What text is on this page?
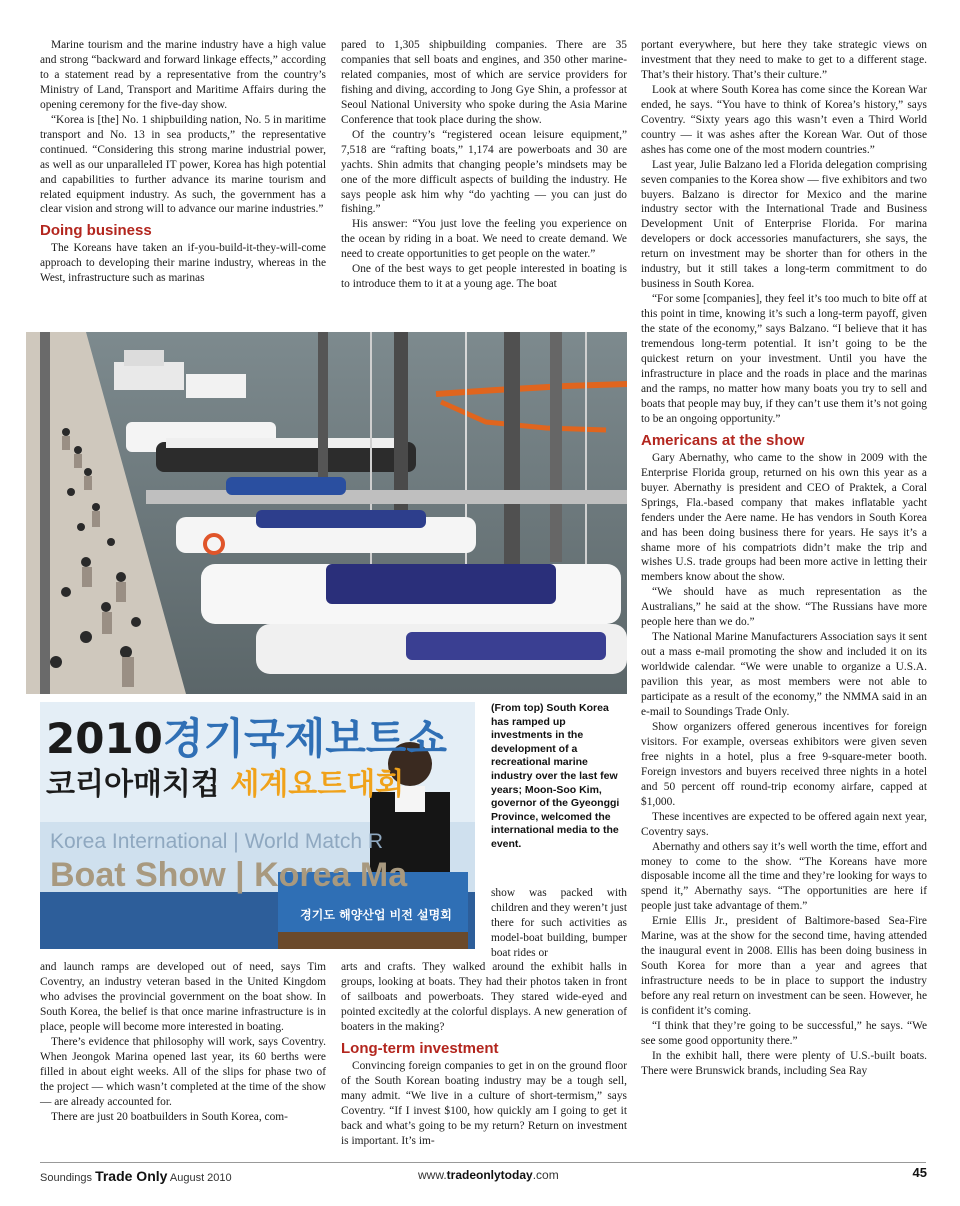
Marine tourism and the marine industry have a high value and strong “backward and forward linkage effects,” according to a statement read by a representative from the country’s Ministry of Land, Transport and Maritime Affairs during the opening ceremony for the five-day show.

“Korea is [the] No. 1 shipbuilding nation, No. 5 in maritime transport and No. 13 in sea products,” the representative continued. “Considering this strong marine industrial power, as well as our unparalleled IT power, Korea has high potential and capabilities to further advance its marine tourism and related equipment industry. As such, the government has a clear vision and strong will to advance our marine industries.”

Doing business

The Koreans have taken an if-you-build-it-they-will-come approach to developing their marine industry, whereas in the West, infrastructure such as marinas

pared to 1,305 shipbuilding companies. There are 35 companies that sell boats and engines, and 350 other marine-related companies, most of which are service providers for fishing and diving, according to Jong Gye Shin, a professor at Seoul National University who spoke during the Asia Marine Conference that took place during the show.

Of the country’s “registered ocean leisure equipment,” 7,518 are “rafting boats,” 1,174 are powerboats and 30 are yachts. Shin admits that changing people’s mindsets may be one of the more difficult aspects of building the industry. He says people ask him why “do yachting — you can just do fishing.”

His answer: “You just love the feeling you experience on the ocean by riding in a boat. We need to create demand. We need to create opportunities to get people on the water.”

One of the best ways to get people interested in boating is to introduce them to it at a young age. The boat

portant everywhere, but here they take strategic views on investment that they need to make to get to a different stage. That’s their history. That’s their culture.”

Look at where South Korea has come since the Korean War ended, he says. “You have to think of Korea’s history,” says Coventry. “Sixty years ago this wasn’t even a Third World country — it was ashes after the Korean War. Out of those ashes has come one of the most modern countries.”

Last year, Julie Balzano led a Florida delegation comprising seven companies to the Korea show — five exhibitors and two buyers. Balzano is director for Mexico and the marine industry sector with the International Trade and Business Development Unit of Enterprise Florida. For marina developers or dock accessories manufacturers, she says, the return on investment may be shorter than for others in the industry, but it still takes a long-term commitment to do business in South Korea.

“For some [companies], they feel it’s too much to bite off at this point in time, knowing it’s such a long-term payoff, given the state of the economy,” says Balzano. “I believe that it has tremendous long-term potential. It isn’t going to be the quickest return on your investment. Until you have the infrastructure in place and the roads in place and the marinas and the ramps, no matter how many boats you try to sell and boats that people may buy, if they can’t use them it’s not going to be an ongoing opportunity.”

Americans at the show

Gary Abernathy, who came to the show in 2009 with the Enterprise Florida group, returned on his own this year as a buyer. Abernathy is president and CEO of Praktek, a Coral Springs, Fla.-based company that makes inflatable yacht fenders under the Aere name. He has vendors in South Korea and has been doing business there for years. He says it’s a shame more of his compatriots didn’t make the trip and wishes U.S. trade groups had been more active in letting their members know about the show.

“We should have as much representation as the Australians,” he said at the show. “The Russians have more people here than we do.”

The National Marine Manufacturers Association says it sent out a mass e-mail promoting the show and included it on its worldwide calendar. “We were unable to organize a U.S.A. pavilion this year, as most members were not able to participate as a result of the economy,” the NMMA said in an e-mail to Soundings Trade Only.

Show organizers offered generous incentives for foreign visitors. For example, overseas exhibitors were given seven free nights in a hotel, plus a free 9-square-meter booth. Foreign investors and buyers received three nights in a hotel and 50 percent off round-trip economy airfare, capped at $1,000.

These incentives are expected to be offered again next year, Coventry says.

Abernathy and others say it’s well worth the time, effort and money to come to the show. “The Koreans have more disposable income all the time and they’re looking for ways to spend it,” Abernathy says. “The opportunities are here if people just take advantage of them.”

Ernie Ellis Jr., president of Baltimore-based Sea-Fire Marine, was at the show for the second time, having attended the inaugural event in 2008. Ellis has been doing business in South Korea for more than a year and agrees that infrastructure needs to be in place to support the industry before any real return on investment can be seen. However, he is confident it’s coming.

“I think that they’re going to be successful,” he says. “We see some good opportunity there.”

In the exhibit hall, there were plenty of U.S.-built boats. There were Brunswick brands, including Sea Ray

2010경기국제보트쇼
코리아매치컵 세계요트대회
Korea International | World Match R
Boat Show | Korea Ma
경기도 해양산업 비전 설명회
(From top) South Korea has ramped up investments in the development of a recreational marine industry over the last few years; Moon-Soo Kim, governor of the Gyeonggi Province, welcomed the international media to the event.

show was packed with children and they weren’t just there for such activities as model-boat building, bumper boat rides or

arts and crafts. They walked around the exhibit halls in groups, looking at boats. They had their photos taken in front of sailboats and powerboats. They stared wide-eyed and pointed excitedly at the colorful displays. A new generation of boaters in the making?

Long-term investment

Convincing foreign companies to get in on the ground floor of the South Korean boating industry may be a tough sell, many admit. “We live in a culture of short-termism,” says Coventry. “If I invest $100, how quickly am I going to get it back and what’s going to be my return? Return on investment is important. It’s im-

and launch ramps are developed out of need, says Tim Coventry, an industry veteran based in the United Kingdom who advises the provincial government on the boat show. In South Korea, the belief is that once marine infrastructure is in place, people will become more interested in boating.

There’s evidence that philosophy will work, says Coventry. When Jeongok Marina opened last year, its 60 berths were filled in about eight weeks. All of the slips for phase two of the project — which wasn’t completed at the time of the show — are already accounted for.

There are just 20 boatbuilders in South Korea, com-

Soundings Trade Only August 2010	www.tradeonlytoday.com	45
